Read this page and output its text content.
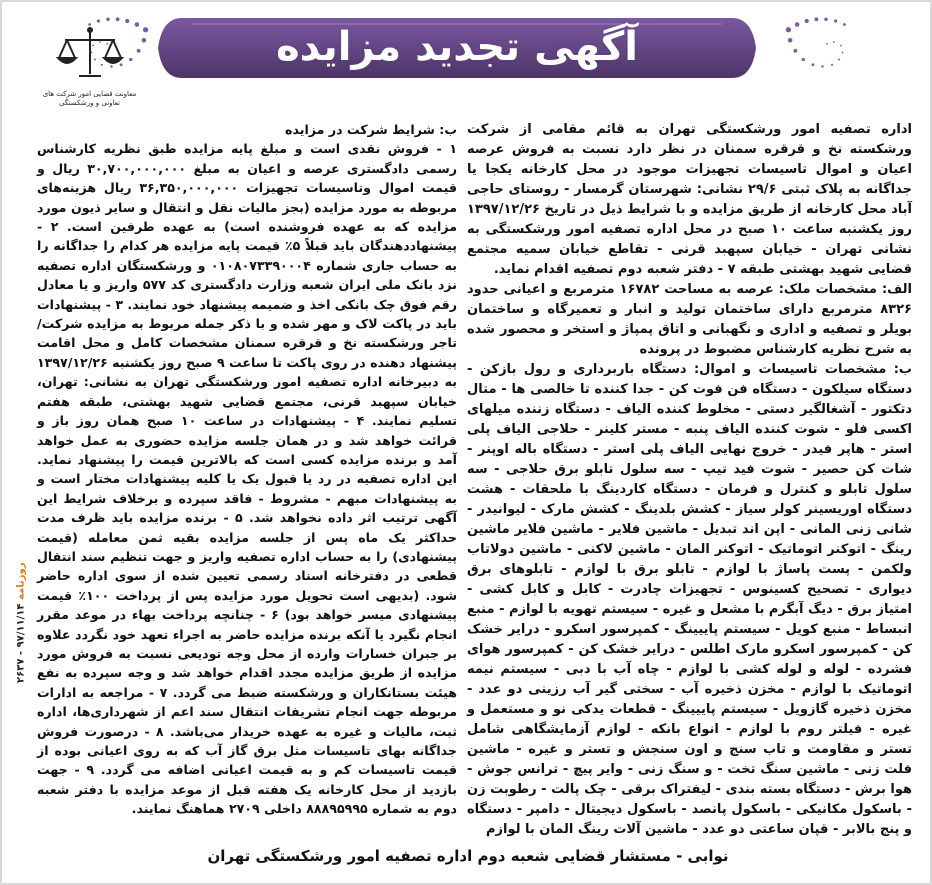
آگهی تجدید مزایده
معاونت قضایی امور شرکت های تعاونی و ورشکستگی

اداره تصفیه امور ورشکستگی تهران به قائم مقامی از شرکت ورشکسته نخ و قرقره سمنان در نظر دارد نسبت به فروش عرصه اعیان و اموال تاسیسات تجهیزات موجود در محل کارخانه یکجا یا جداگانه به پلاک ثبتی ۲۹/۶ نشانی: شهرستان گرمسار - روستای حاجی آباد محل کارخانه از طریق مزایده و با شرایط ذیل در تاریخ ۱۳۹۷/۱۲/۲۶ روز یکشنبه ساعت ۱۰ صبح در محل اداره تصفیه امور ورشکستگی به نشانی تهران - خیابان سپهبد قرنی - تقاطع خیابان سمیه مجتمع قضایی شهید بهشتی طبقه ۷ - دفتر شعبه دوم تصفیه اقدام نماید.

الف: مشخصات ملک: عرصه به مساحت ۱۶۷۸۲ مترمربع و اعیانی حدود ۸۳۲۶ مترمربع دارای ساختمان تولید و انبار و تعمیرگاه و ساختمان بویلر و تصفیه و اداری و نگهبانی و اتاق پمپاژ و استخر و محصور شده به شرح نظریه کارشناس مضبوط در پرونده

ب: مشخصات تاسیسات و اموال: دستگاه باربرداری و رول بازکن - دستگاه سیلکون - دستگاه فن فوت کن - جدا کننده تا خالصی ها - متال دتکتور - آشغالگیر دستی - مخلوط کننده الیاف - دستگاه زننده میلهای اکسی فلو - شوت کننده الیاف پنبه - مستر کلینر - حلاجی الیاف پلی استر - هاپر فیدر - خروج نهایی الیاف پلی استر - دستگاه باله اوپنر - شات کن حصیر - شوت فید تیپ - سه سلول تابلو برق حلاجی - سه سلول تابلو و کنترل و فرمان - دستگاه کاردینگ با ملحقات - هشت دستگاه اوریسینر کولر سیاز - کشش بلدینگ - کشش مارک - لیوانیدر - شانی زنی المانی - اپن اند تبدیل - ماشین فلایر - ماشین فلایر ماشین رینگ - اتوکنر اتوماتیک - اتوکنر المان - ماشین لاکنی - ماشین دولاتاب ولکمن - پست پاساژ با لوازم - تابلو برق با لوازم - تابلوهای برق دیواری - تصحیح کسینوس - تجهیزات چادرت - کابل و کابل کشی - امتیاز برق - دیگ آبگرم با مشعل و غیره - سیستم تهویه با لوازم - منبع انبساط - منبع کویل - سیستم پاییینگ - کمپرسور اسکرو - درایر خشک کن - کمپرسور اسکرو مارک اطلس - درایر خشک کن - کمپرسور هوای فشرده - لوله و لوله کشی با لوازم - چاه آب با دبی - سیستم نیمه اتوماتیک با لوازم - مخزن ذخیره آب - سختی گیر آب رزینی دو عدد - مخزن ذخیره گازویل - سیستم پاییینگ - قطعات یدکی نو و مستعمل و غیره - فیلتر روم با لوازم - انواع بانکه - لوازم آزمایشگاهی شامل تستر و مقاومت و تاب سنج و اون سنجش و تستر و غیره - ماشین فلت زنی - ماشین سنگ تخت - و سنگ زنی - وایر پیچ - ترانس جوش - هوا برش - دستگاه بسته بندی - لیفتراک برقی - چک پالت - رطوبت زن - باسکول مکانیکی - باسکول پانصد - باسکول دیجیتال - دامپر - دستگاه و پنج بالابر - قپان ساعتی دو عدد - ماشین آلات رینگ المان با لوازم

ب: شرایط شرکت در مزایده

۱ - فروش نقدی است و مبلغ پایه مزایده طبق نظریه کارشناس رسمی دادگستری عرصه و اعیان به مبلغ ۳۰,۷۰۰,۰۰۰,۰۰۰ ریال و قیمت اموال وتاسیسات تجهیزات ۳۶,۳۵۰,۰۰۰,۰۰۰ ریال هزینه‌های مربوطه به مورد مزایده (بجز مالیات نقل و انتقال و سایر ذیون مورد مزایده که به عهده فروشنده است) به عهده طرفین است. ۲ - پیشنهاددهندگان باید قبلاً ۵٪ قیمت پایه مزایده هر کدام را جداگانه را به حساب جاری شماره ۰۱۰۸۰۷۳۳۹۰۰۰۴ و ورشکستگان اداره تصفیه نزد بانک ملی ایران شعبه وزارت دادگستری کد ۵۷۷ واریز و یا معادل رقم فوق چک بانکی اخذ و ضمیمه پیشنهاد خود نمایند. ۳ - پیشنهادات باید در پاکت لاک و مهر شده و با ذکر جمله مربوط به مزایده شرکت/تاجر ورشکسته نخ و قرقره سمنان مشخصات کامل و محل اقامت پیشنهاد دهنده در روی پاکت تا ساعت ۹ صبح روز یکشنبه ۱۳۹۷/۱۲/۲۶ به دبیرخانه اداره تصفیه امور ورشکستگی تهران به نشانی: تهران، خیابان سپهبد قرنی، مجتمع قضایی شهید بهشتی، طبقه هفتم تسلیم نمایند. ۴ - پیشنهادات در ساعت ۱۰ صبح همان روز باز و قرائت خواهد شد و در همان جلسه مزایده حضوری به عمل خواهد آمد و برنده مزایده کسی است که بالاترین قیمت را پیشنهاد نماید. این اداره تصفیه در رد یا قبول یک یا کلیه پیشنهادات مختار است و به پیشنهادات مبهم - مشروط - فاقد سپرده و برخلاف شرایط این آگهی ترتیب اثر داده نخواهد شد. ۵ - برنده مزایده باید ظرف مدت حداکثر یک ماه پس از جلسه مزایده بقیه ثمن معامله (قیمت پیشنهادی) را به حساب اداره تصفیه واریز و جهت تنظیم سند انتقال قطعی در دفترخانه اسناد رسمی تعیین شده از سوی اداره حاضر شود. (بدیهی است تحویل مورد مزایده پس از پرداخت ۱۰۰٪ قیمت پیشنهادی میسر خواهد بود) ۶ - چنانچه پرداخت بهاء در موعد مقرر انجام نگیرد یا آنکه برنده مزایده حاضر به اجراء تعهد خود نگردد علاوه بر جبران خسارات وارده از محل وجه تودیعی نسبت به فروش مورد مزایده از طریق مزایده مجدد اقدام خواهد شد و وجه سپرده به نفع هیئت بستانکاران و ورشکسته ضبط می گردد. ۷ - مراجعه به ادارات مربوطه جهت انجام تشریفات انتقال سند اعم از شهرداری‌ها، اداره ثبت، مالیات و غیره به عهده خریدار می‌باشد. ۸ - درصورت فروش جداگانه بهای تاسیسات مثل برق گاز آب که به روی اعیانی بوده از قیمت تاسیسات کم و به قیمت اعیانی اضافه می گردد. ۹ - جهت بازدید از محل کارخانه یک هفته قبل از موعد مزایده با دفتر شعبه دوم به شماره ۸۸۸۹۵۹۹۵ داخلی ۲۷۰۹ هماهنگ نمایند.

روزنامه ۹۷/۱۱/۱۴ - ۲۶۳۷
نوابی - مستشار قضایی شعبه دوم اداره تصفیه امور ورشکستگی تهران
